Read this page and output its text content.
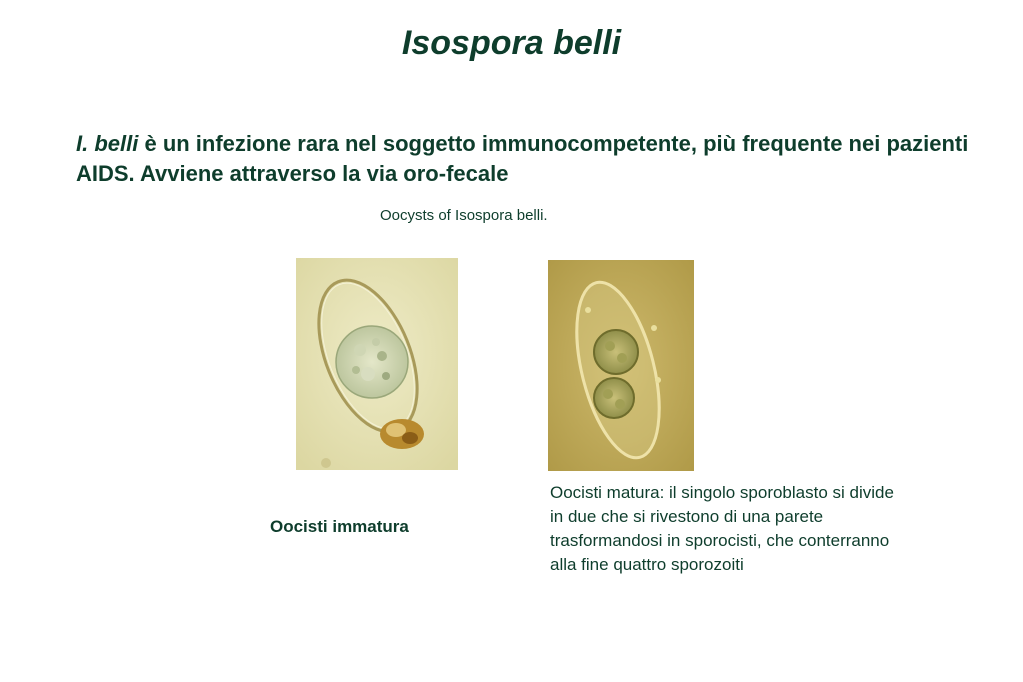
Isospora belli

I. belli è un infezione rara nel soggetto immunocompetente, più frequente nei pazienti AIDS. Avviene attraverso la via oro-fecale

Oocysts of Isospora belli.
Oocisti immatura

Oocisti matura: il singolo sporoblasto si divide in due che si rivestono di una parete trasformandosi in sporocisti, che conterranno alla fine quattro sporozoiti
